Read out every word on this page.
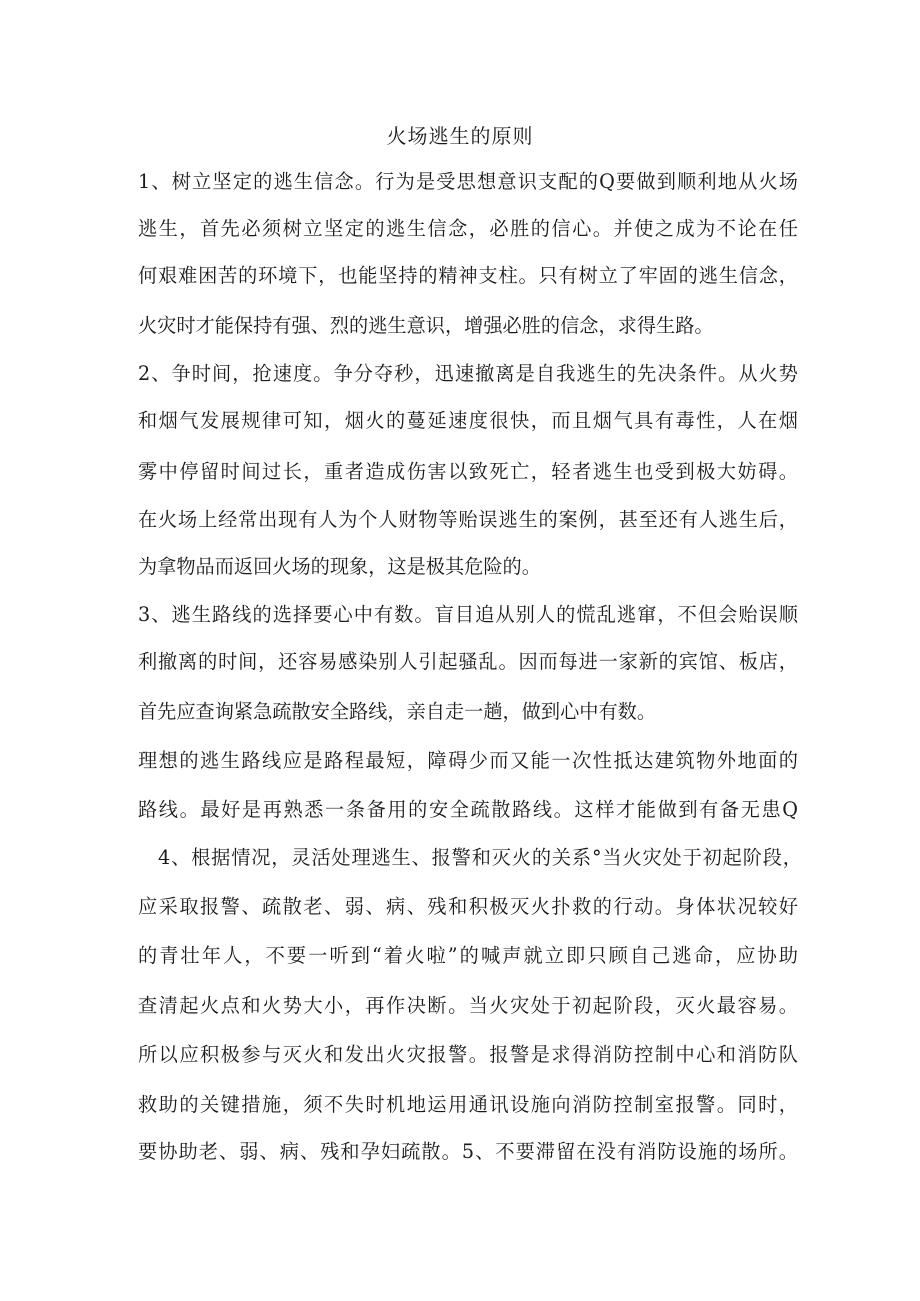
火场逃生的原则
1、树立坚定的逃生信念。行为是受思想意识支配的Q要做到顺利地从火场
逃生，首先必须树立坚定的逃生信念，必胜的信心。并使之成为不论在任
何艰难困苦的环境下，也能坚持的精神支柱。只有树立了牢固的逃生信念，
火灾时才能保持有强、烈的逃生意识，增强必胜的信念，求得生路。
2、争时间，抢速度。争分夺秒，迅速撤离是自我逃生的先决条件。从火势
和烟气发展规律可知，烟火的蔓延速度很快，而且烟气具有毒性，人在烟
雾中停留时间过长，重者造成伤害以致死亡，轻者逃生也受到极大妨碍。
在火场上经常出现有人为个人财物等贻误逃生的案例，甚至还有人逃生后，
为拿物品而返回火场的现象，这是极其危险的。
3、逃生路线的选择要心中有数。盲目追从别人的慌乱逃窜，不但会贻误顺
利撤离的时间，还容易感染别人引起骚乱。因而每进一家新的宾馆、板店，
首先应查询紧急疏散安全路线，亲自走一趟，做到心中有数。
理想的逃生路线应是路程最短，障碍少而又能一次性抵达建筑物外地面的
路线。最好是再熟悉一条备用的安全疏散路线。这样才能做到有备无患Q
4、根据情况，灵活处理逃生、报警和灭火的关系°当火灾处于初起阶段，
应采取报警、疏散老、弱、病、残和积极灭火扑救的行动。身体状况较好
的青壮年人，不要一听到“着火啦”的喊声就立即只顾自己逃命，应协助
查清起火点和火势大小，再作决断。当火灾处于初起阶段，灭火最容易。
所以应积极参与灭火和发出火灾报警。报警是求得消防控制中心和消防队
救助的关键措施，须不失时机地运用通讯设施向消防控制室报警。同时，
要协助老、弱、病、残和孕妇疏散。5、不要滞留在没有消防设施的场所。
